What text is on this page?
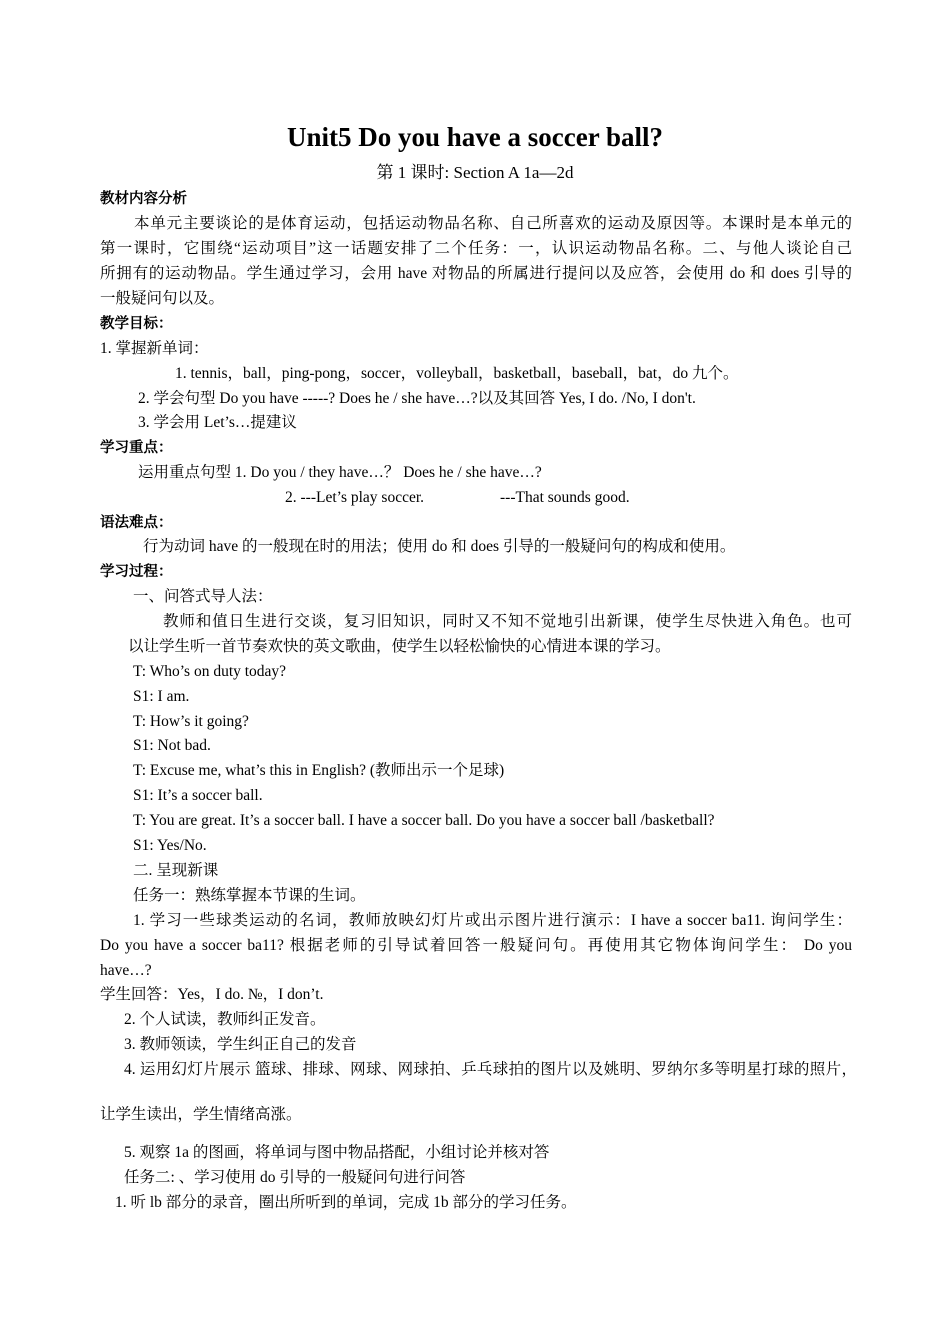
Unit5 Do you have a soccer ball?
第 1 课时: Section A 1a—2d
教材内容分析
本单元主要谈论的是体育运动，包括运动物品名称、自己所喜欢的运动及原因等。本课时是本单元的
第一课时，它围绕“运动项目”这一话题安排了二个任务：一，认识运动物品名称。二、与他人谈论自己
所拥有的运动物品。学生通过学习，会用 have 对物品的所属进行提问以及应答，会使用 do 和 does 引导的
一般疑问句以及。
教学目标：
1. 掌握新单词：
1. tennis，ball，ping-pong，soccer，volleyball，basketball，baseball，bat，do 九个。
2. 学会句型 Do you have -----? Does he / she have…?以及其回答 Yes, I do. /No, I don't.
3. 学会用 Let’s…提建议
学习重点：
运用重点句型 1. Do you / they have…？ Does he / she have…?
2. ---Let’s play soccer.	---That sounds good.
语法难点：
行为动词 have 的一般现在时的用法；使用 do 和 does 引导的一般疑问句的构成和使用。
学习过程：
一、问答式导人法：
教师和值日生进行交谈，复习旧知识，同时又不知不觉地引出新课，使学生尽快进入角色。也可
以让学生听一首节奏欢快的英文歌曲，使学生以轻松愉快的心情进本课的学习。
T: Who’s on duty today?
S1: I am.
T: How’s it going?
S1: Not bad.
T: Excuse me, what’s this in English? (教师出示一个足球)
S1: It’s a soccer ball.
T: You are great. It’s a soccer ball. I have a soccer ball. Do you have a soccer ball /basketball?
S1: Yes/No.
二. 呈现新课
任务一：熟练掌握本节课的生词。
1. 学习一些球类运动的名词，教师放映幻灯片或出示图片进行演示：I have a soccer ba11. 询问学生：
Do you have a soccer ba11? 根据老师的引导试着回答一般疑问句。再使用其它物体询问学生： Do you
have…?
学生回答：Yes，I do. №，I don’t.
2. 个人试读，教师纠正发音。
3. 教师领读，学生纠正自己的发音
4. 运用幻灯片展示 篮球、排球、网球、网球拍、乒乓球拍的图片以及姚明、罗纳尔多等明星打球的照片，
让学生读出，学生情绪高涨。
5. 观察 1a 的图画，将单词与图中物品搭配，小组讨论并核对答
任务二: 、学习使用 do 引导的一般疑问句进行问答
1. 听 lb 部分的录音，圈出所听到的单词，完成 1b 部分的学习任务。
